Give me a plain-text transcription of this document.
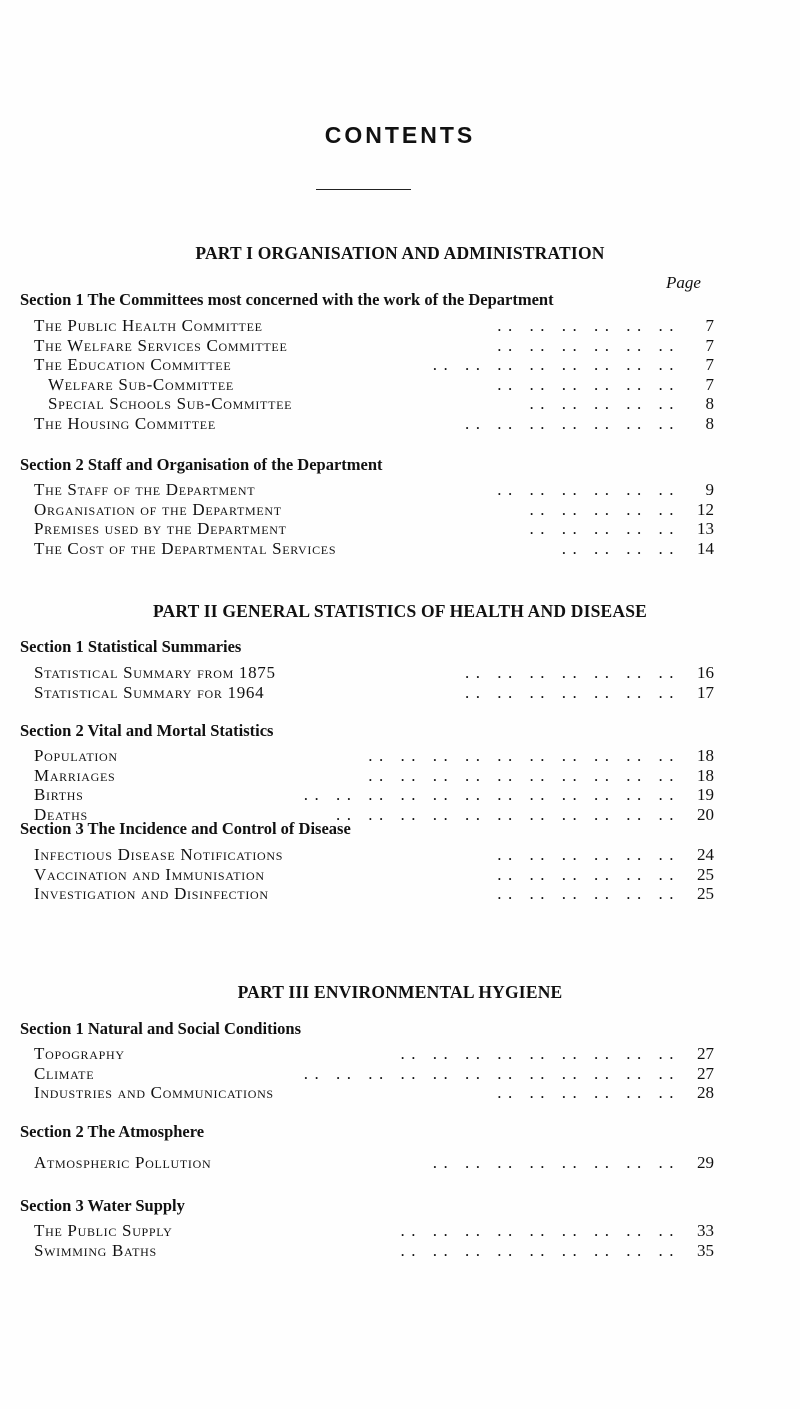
CONTENTS
PART I ORGANISATION AND ADMINISTRATION
Page
Section 1 The Committees most concerned with the work of the Department
The Public Health Committee	.. .. .. .. .. ..	7
The Welfare Services Committee	.. .. .. .. .. ..	7
The Education Committee	.. .. .. .. .. .. .. ..	7
Welfare Sub-Committee	.. .. .. .. .. ..	7
Special Schools Sub-Committee	.. .. .. .. ..	8
The Housing Committee	.. .. .. .. .. .. ..	8
Section 2 Staff and Organisation of the Department
The Staff of the Department	.. .. .. .. .. ..	9
Organisation of the Department	.. .. .. .. ..	12
Premises used by the Department	.. .. .. .. ..	13
The Cost of the Departmental Services	.. .. .. ..	14
PART II GENERAL STATISTICS OF HEALTH AND DISEASE
Section 1 Statistical Summaries
Statistical Summary from 1875	.. .. .. .. .. .. ..	16
Statistical Summary for 1964	.. .. .. .. .. .. ..	17
Section 2 Vital and Mortal Statistics
Population	.. .. .. .. .. .. .. .. .. ..	18
Marriages	.. .. .. .. .. .. .. .. .. ..	18
Births	.. .. .. .. .. .. .. .. .. .. .. ..	19
Deaths	.. .. .. .. .. .. .. .. .. .. ..	20
Section 3 The Incidence and Control of Disease
Infectious Disease Notifications	.. .. .. .. .. ..	24
Vaccination and Immunisation	.. .. .. .. .. ..	25
Investigation and Disinfection	.. .. .. .. .. ..	25
PART III ENVIRONMENTAL HYGIENE
Section 1 Natural and Social Conditions
Topography	.. .. .. .. .. .. .. .. ..	27
Climate	.. .. .. .. .. .. .. .. .. .. .. ..	27
Industries and Communications	.. .. .. .. .. ..	28
Section 2 The Atmosphere
Atmospheric Pollution	.. .. .. .. .. .. .. ..	29
Section 3 Water Supply
The Public Supply	.. .. .. .. .. .. .. .. ..	33
Swimming Baths	.. .. .. .. .. .. .. .. ..	35
